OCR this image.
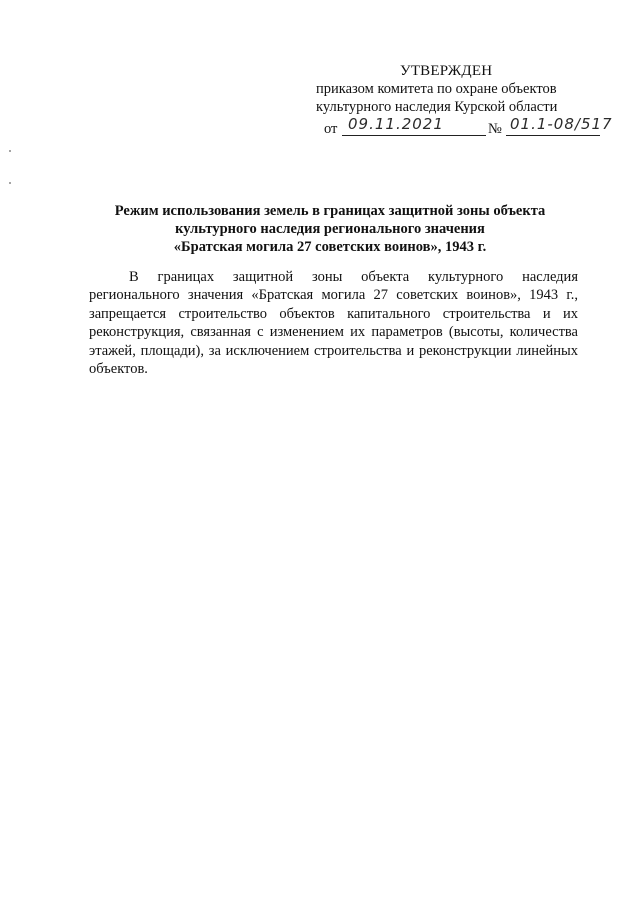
УТВЕРЖДЕН
приказом комитета по охране объектов
культурного наследия Курской области
от 09.11.2021	№ 01.1-08/517
Режим использования земель в границах защитной зоны объекта
культурного наследия регионального значения
«Братская могила 27 советских воинов», 1943 г.
В границах защитной зоны объекта культурного наследия регионального значения «Братская могила 27 советских воинов», 1943 г., запрещается строительство объектов капитального строительства и их реконструкция, связанная с изменением их параметров (высоты, количества этажей, площади), за исключением строительства и реконструкции линейных объектов.
